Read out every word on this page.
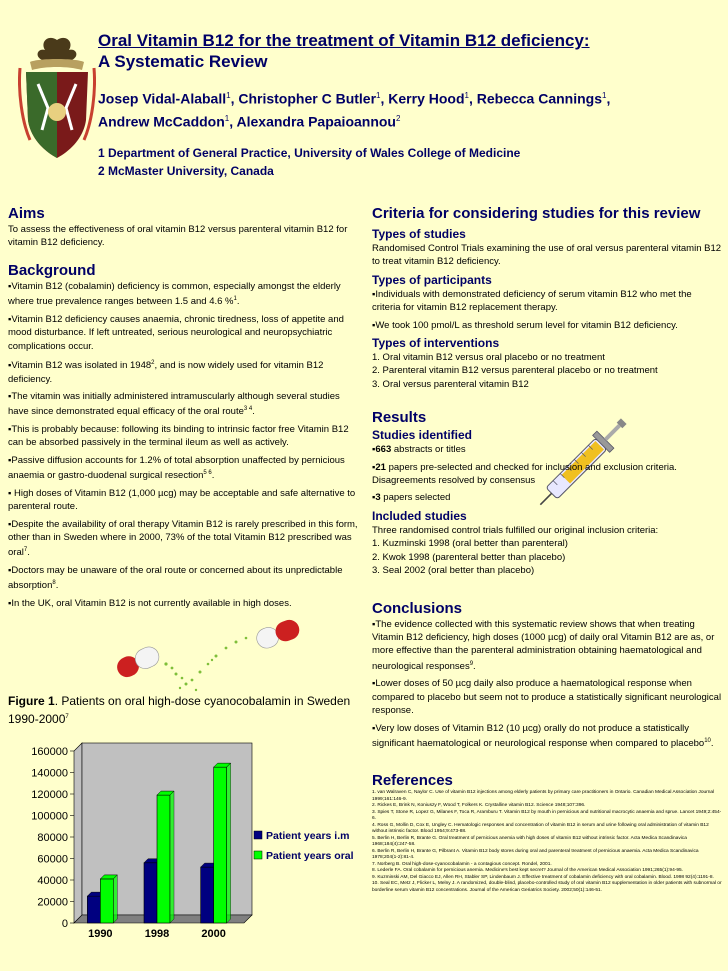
Oral Vitamin B12 for the treatment of Vitamin B12 deficiency:
A Systematic Review
Josep Vidal-Alaball$^1$, Christopher C Butler$^1$, Kerry Hood$^1$, Rebecca Cannings$^1$,
Andrew McCaddon$^1$, Alexandra Papaioannou$^2$
1 Department of General Practice, University of Wales College of Medicine
2 McMaster University, Canada
Aims

To assess the effectiveness of oral vitamin B12 versus parenteral vitamin B12 for vitamin B12 deficiency.

Background

▪Vitamin B12 (cobalamin) deficiency is common, especially amongst the elderly where true prevalence ranges between 1.5 and 4.6 %$^1$.

▪Vitamin B12 deficiency causes anaemia, chronic tiredness, loss of appetite and mood disturbance. If left untreated, serious neurological and neuropsychiatric complications occur.

▪Vitamin B12 was isolated in 1948$^2$, and is now widely used for vitamin B12 deficiency.

▪The vitamin was initially administered intramuscularly although several studies have since demonstrated equal efficacy of the oral route$^{3 4}$.

▪This is probably because: following its binding to intrinsic factor free Vitamin B12 can be absorbed passively in the terminal ileum as well as actively.

▪Passive diffusion accounts for 1.2% of total absorption unaffected by pernicious anaemia or gastro-duodenal surgical resection$^{5 6}$.

▪ High doses of Vitamin B12 (1,000 µcg) may be acceptable and safe alternative to parenteral route.

▪Despite the availability of oral therapy Vitamin B12 is rarely prescribed in this form, other than in Sweden where in 2000, 73% of the total Vitamin B12 prescribed was oral$^7$.

▪Doctors may be unaware of the oral route or concerned about its unpredictable absorption$^8$.

▪In the UK, oral Vitamin B12 is not currently available in high doses.

Figure 1. Patients on oral high-dose cyanocobalamin in Sweden 1990-2000$^7$
160000
140000
120000
100000
80000
60000
40000
20000
0
1990	1998	2000
Patient years i.m
Patient years oral
Criteria for considering studies for this review
Types of studies

Randomised Control Trials examining the use of oral versus parenteral vitamin B12 to treat vitamin B12 deficiency.

Types of participants

▪Individuals with demonstrated deficiency of serum vitamin B12 who met the criteria for vitamin B12 replacement therapy.

▪We took 100 pmol/L as threshold serum level for vitamin B12 deficiency.

Types of interventions

1. Oral vitamin B12 versus oral placebo or no treatment

2. Parenteral vitamin B12 versus parenteral placebo or no treatment

3. Oral versus parenteral vitamin B12

Results
Studies identified

▪663 abstracts or titles

▪21 papers pre-selected and checked for inclusion and exclusion criteria. Disagreements resolved by consensus

▪3 papers selected

Included studies

Three randomised control trials fulfilled our original inclusion criteria:

1. Kuzminski 1998 (oral better than parenteral)

2. Kwok 1998 (parenteral better than placebo)

3. Seal 2002 (oral better than placebo)

Conclusions

▪The evidence collected with this systematic review shows that when treating Vitamin B12 deficiency, high doses (1000 µcg) of daily oral Vitamin B12 are as, or more effective than the parenteral administration obtaining haematological and neurological responses$^9$.

▪Lower doses of 50 µcg daily also produce a haematological response when compared to placebo but seem not to produce a statistically significant neurological response.

▪Very low doses of Vitamin B12 (10 µcg) orally do not produce a statistically significant haematological or neurological response when compared to placebo$^{10}$.

References
1. van Walraven C, Naylor C. Use of vitamin B12 injections among elderly patients by primary care practitioners in Ontario. Canadian Medical Association Journal 1999;161:146-9.
2. Rickes E, Brink N, Koniuszy F, Wood T, Folkers K. Crystalline vitamin B12. Science 1948;107:396.
3. Spies T, Stone R, Lopez G, Milanes F, Toca R, Aramburu T. Vitamin B12 by mouth in pernicious and nutritional macrocytic anaemia and sprue. Lancet 1949;2:454-6.
4. Ross G, Mollin D, Cox E, Ungley C. Hematologic responses and concentration of vitamin B12 in serum and urine following oral administration of vitamin B12 without intrinsic factor. Blood 1954;9:473-88.
5. Berlin H, Berlin R, Brante G. Oral treatment of pernicious anemia with high doses of vitamin B12 without intrinsic factor. Acta Medica Scandinavica 1968;184(4):247-58.
6. Berlin R, Berlin H, Brante G, Pilbrant A. Vitamin B12 body stores during oral and parenteral treatment of pernicious anaemia. Acta Medica Scandinavica 1978;204(1-2):81-4.
7. Norberg B. Oral high-dose-cyanocobalamin - a contagious concept. Rondel, 2001.
8. Lederle FA. Oral cobalamin for pernicious anemia. Medicine's best kept secret? Journal of the American Medical Association 1991;265(1):94-95.
9. Kuzminski AM, Del Giacco EJ, Allen RH, Stabler SP, Lindenbaum J. Effective treatment of cobalamin deficiency with oral cobalamin. Blood. 1998 92(4):1191-8.
10. Seal EC, Metz J, Flicker L, Melny J. A randomized, double-blind, placebo-controlled study of oral vitamin B12 supplementation in older patients with subnormal or borderline serum vitamin B12 concentrations. Journal of the American Geriatrics Society. 2002;50(1):146-51.
